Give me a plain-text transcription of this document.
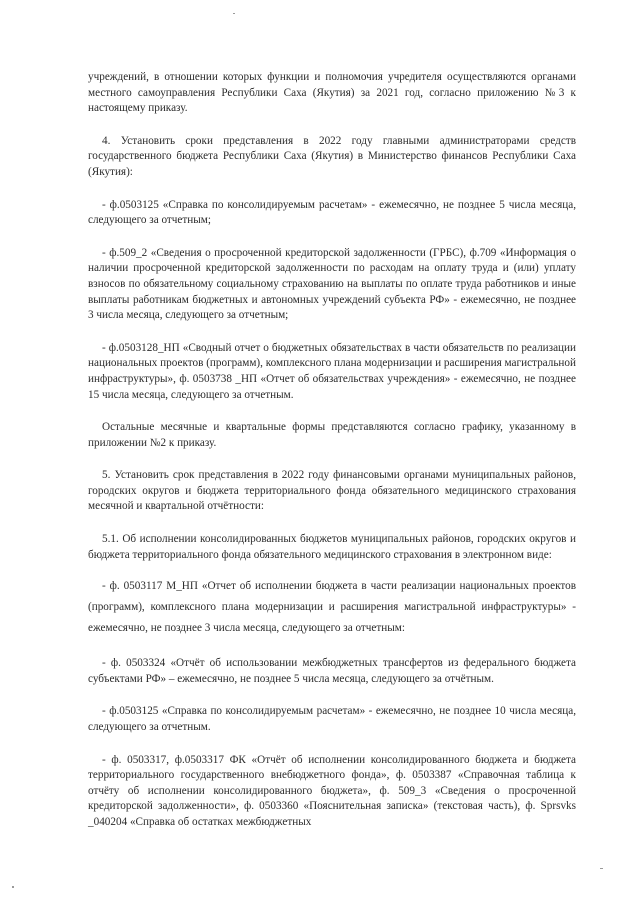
учреждений, в отношении которых функции и полномочия учредителя осуществляются органами местного самоуправления Республики Саха (Якутия) за 2021 год, согласно приложению №3 к настоящему приказу.

4. Установить сроки представления в 2022 году главными администраторами средств государственного бюджета Республики Саха (Якутия) в Министерство финансов Республики Саха (Якутия):

- ф.0503125 «Справка по консолидируемым расчетам» - ежемесячно, не позднее 5 числа месяца, следующего за отчетным;

- ф.509_2 «Сведения о просроченной кредиторской задолженности (ГРБС), ф.709 «Информация о наличии просроченной кредиторской задолженности по расходам на оплату труда и (или) уплату взносов по обязательному социальному страхованию на выплаты по оплате труда работников и иные выплаты работникам бюджетных и автономных учреждений субъекта РФ» - ежемесячно, не позднее 3 числа месяца, следующего за отчетным;

- ф.0503128_НП «Сводный отчет о бюджетных обязательствах в части обязательств по реализации национальных проектов (программ), комплексного плана модернизации и расширения магистральной инфраструктуры», ф. 0503738 _НП «Отчет об обязательствах учреждения» - ежемесячно, не позднее 15 числа месяца, следующего за отчетным.

Остальные месячные и квартальные формы представляются согласно графику, указанному в приложении №2 к приказу.

5. Установить срок представления в 2022 году финансовыми органами муниципальных районов, городских округов и бюджета территориального фонда обязательного медицинского страхования месячной и квартальной отчётности:

5.1. Об исполнении консолидированных бюджетов муниципальных районов, городских округов и бюджета территориального фонда обязательного медицинского страхования в электронном виде:

- ф. 0503117 М_НП «Отчет об исполнении бюджета в части реализации национальных проектов (программ), комплексного плана модернизации и расширения магистральной инфраструктуры» - ежемесячно, не позднее 3 числа месяца, следующего за отчетным:

- ф. 0503324 «Отчёт об использовании межбюджетных трансфертов из федерального бюджета субъектами РФ» – ежемесячно, не позднее 5 числа месяца, следующего за отчётным.

- ф.0503125 «Справка по консолидируемым расчетам» - ежемесячно, не позднее 10 числа месяца, следующего за отчетным.

- ф. 0503317, ф.0503317 ФК «Отчёт об исполнении консолидированного бюджета и бюджета территориального государственного внебюджетного фонда», ф. 0503387 «Справочная таблица к отчёту об исполнении консолидированного бюджета», ф. 509_3 «Сведения о просроченной кредиторской задолженности», ф. 0503360 «Пояснительная записка» (текстовая часть), ф. Sprsvks _040204 «Справка об остатках межбюджетных
